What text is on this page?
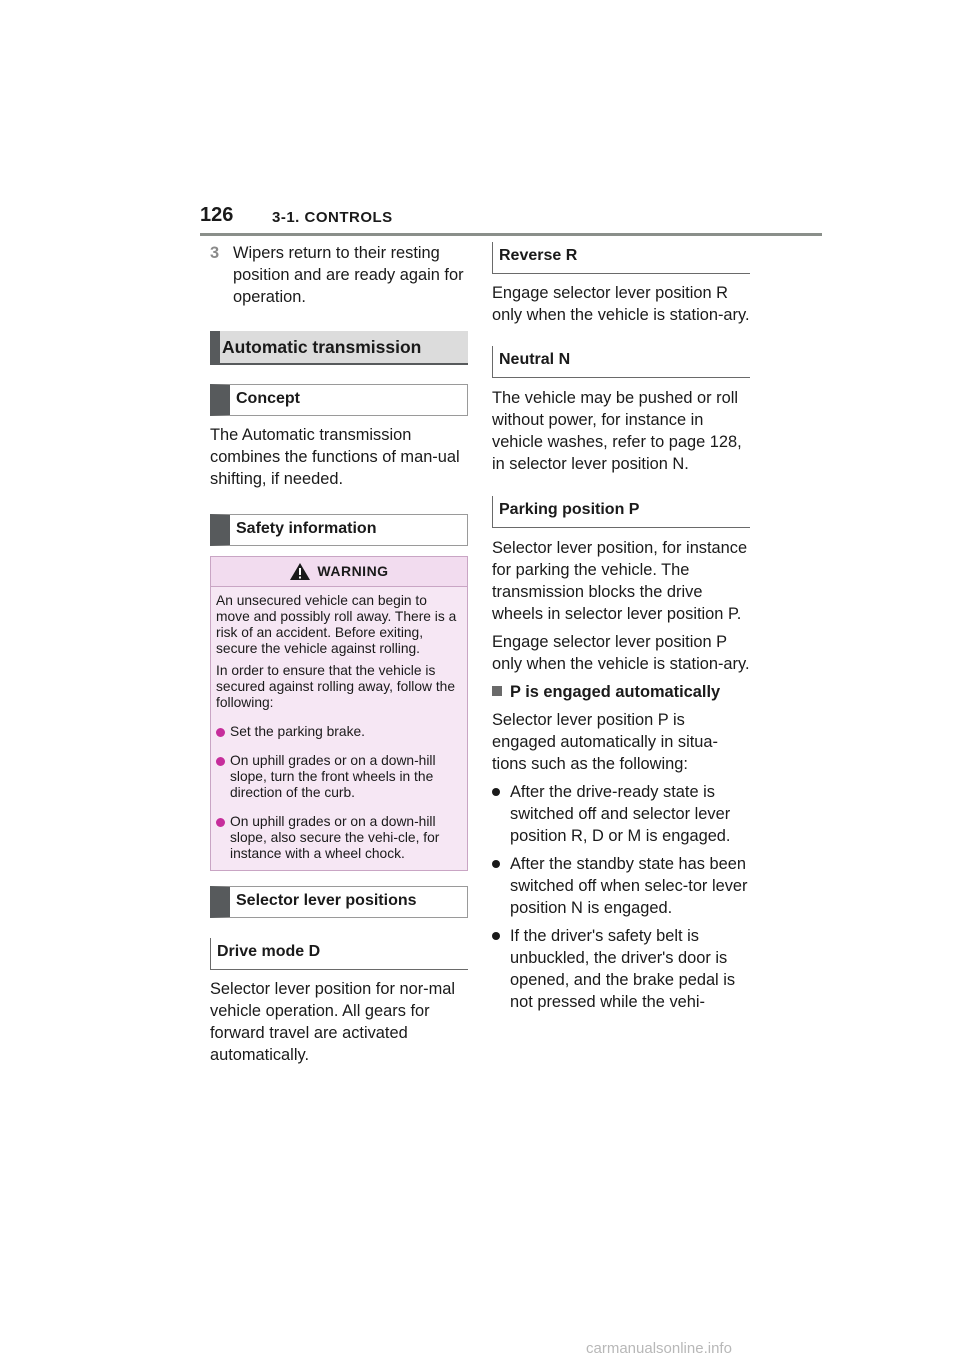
126	3-1. CONTROLS
3 Wipers return to their resting position and are ready again for operation.
Automatic transmission
Concept

The Automatic transmission combines the functions of man-ual shifting, if needed.

Safety information
WARNING

An unsecured vehicle can begin to move and possibly roll away. There is a risk of an accident. Before exiting, secure the vehicle against rolling.

In order to ensure that the vehicle is secured against rolling away, follow the following:

Set the parking brake.
On uphill grades or on a down-hill slope, turn the front wheels in the direction of the curb.
On uphill grades or on a down-hill slope, also secure the vehi-cle, for instance with a wheel chock.
Selector lever positions
Drive mode D

Selector lever position for nor-mal vehicle operation. All gears for forward travel are activated automatically.

Reverse R

Engage selector lever position R only when the vehicle is station-ary.

Neutral N

The vehicle may be pushed or roll without power, for instance in vehicle washes, refer to page 128, in selector lever position N.

Parking position P

Selector lever position, for instance for parking the vehicle. The transmission blocks the drive wheels in selector lever position P.

Engage selector lever position P only when the vehicle is station-ary.

P is engaged automatically

Selector lever position P is engaged automatically in situa-tions such as the following:

After the drive-ready state is switched off and selector lever position R, D or M is engaged.
After the standby state has been switched off when selec-tor lever position N is engaged.
If the driver's safety belt is unbuckled, the driver's door is opened, and the brake pedal is not pressed while the vehi-
carmanualsonline.info
